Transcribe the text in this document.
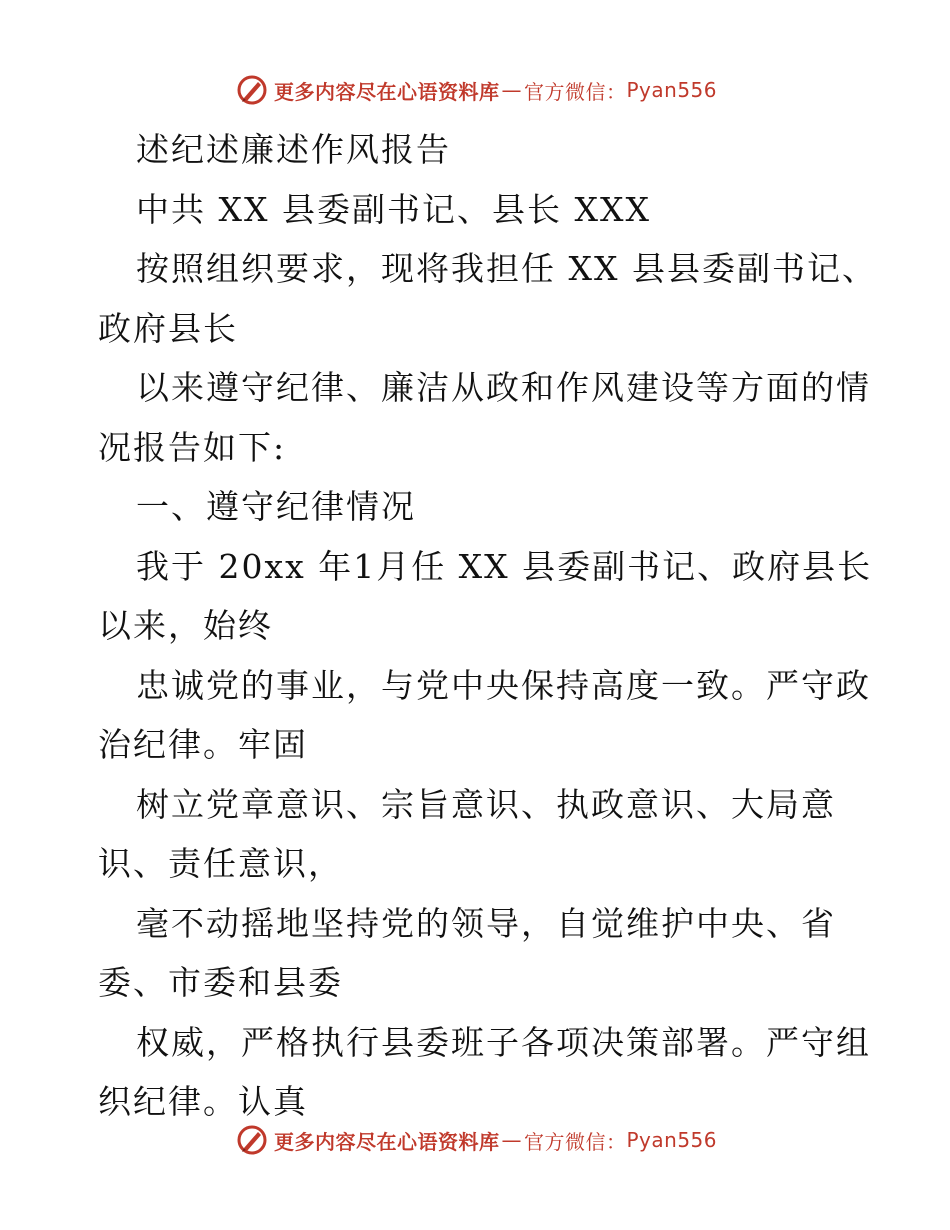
更多内容尽在心语资料库 — 官方微信： Pyan556
述纪述廉述作风报告
中共 XX 县委副书记、县长 XXX
按照组织要求，现将我担任 XX 县县委副书记、
政府县长
以来遵守纪律、廉洁从政和作风建设等方面的情
况报告如下:
一、遵守纪律情况
我于 20xx 年1月任 XX 县委副书记、政府县长
以来，始终
忠诚党的事业，与党中央保持高度一致。严守政
治纪律。牢固
树立党章意识、宗旨意识、执政意识、大局意
识、责任意识，
毫不动摇地坚持党的领导，自觉维护中央、省
委、市委和县委
权威，严格执行县委班子各项决策部署。严守组
织纪律。认真
更多内容尽在心语资料库 — 官方微信： Pyan556
